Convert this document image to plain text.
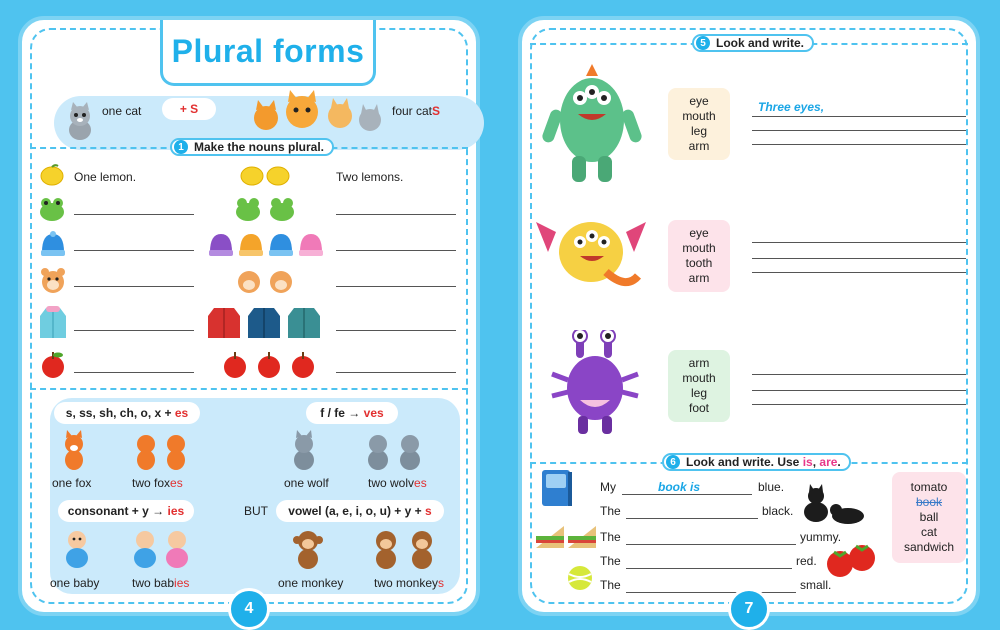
Plural forms
one cat	+ S	four catS
1 Make the nouns plural.
One lemon.	Two lemons.
s, ss, sh, ch, o, x +
es	f / fe →
ves
one fox	two foxes	one wolf	two wolves
consonant + y →
ies	BUT vowel (a, e, i, o, u) + y +
s
one baby	two babies	one monkey	two monkeys
4
5 Look and write.
eye
mouth
leg
arm
Three eyes,
eye
mouth
tooth
arm
arm
mouth
leg
foot
6 Look and write. Use is, are.
My	book is	blue.
The	black.
The	yummy.
The	red.
The	small.
tomato
book
ball
cat
sandwich
7
